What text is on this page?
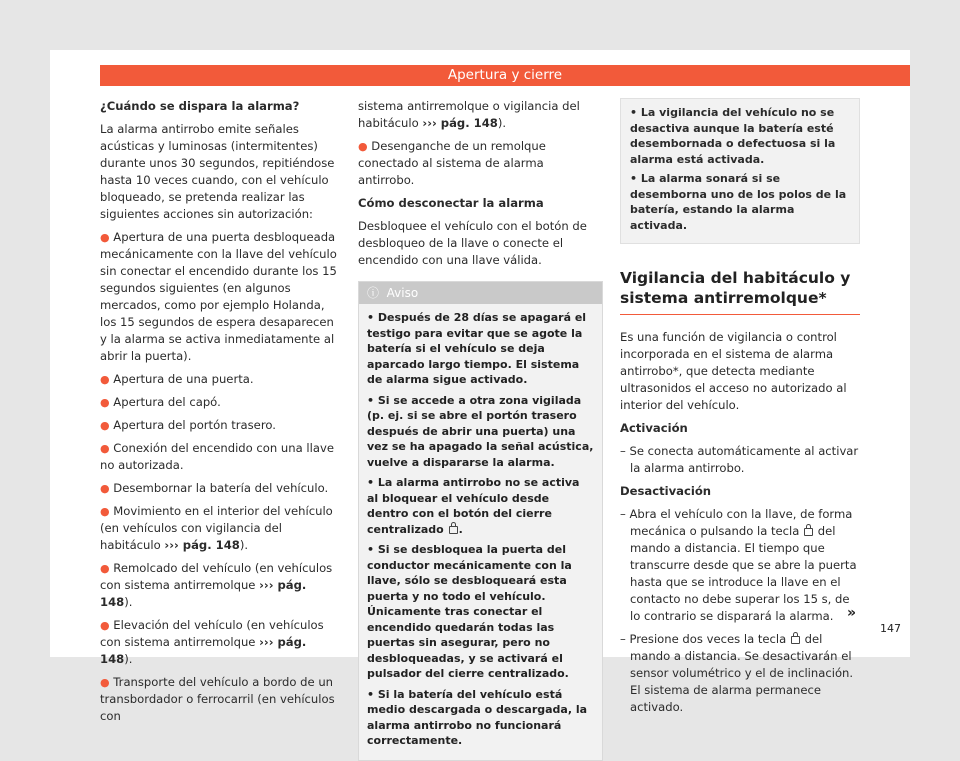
Apertura y cierre

¿Cuándo se dispara la alarma?

La alarma antirrobo emite señales acústicas y luminosas (intermitentes) durante unos 30 segundos, repitiéndose hasta 10 veces cuando, con el vehículo bloqueado, se pretenda realizar las siguientes acciones sin autorización:

● Apertura de una puerta desbloqueada mecánicamente con la llave del vehículo sin conectar el encendido durante los 15 segundos siguientes (en algunos mercados, como por ejemplo Holanda, los 15 segundos de espera desaparecen y la alarma se activa inmediatamente al abrir la puerta).

● Apertura de una puerta.

● Apertura del capó.

● Apertura del portón trasero.

● Conexión del encendido con una llave no autorizada.

● Desembornar la batería del vehículo.

● Movimiento en el interior del vehículo (en vehículos con vigilancia del habitáculo ››› pág. 148).

● Remolcado del vehículo (en vehículos con sistema antirremolque ››› pág. 148).

● Elevación del vehículo (en vehículos con sistema antirremolque ››› pág. 148).

● Transporte del vehículo a bordo de un transbordador o ferrocarril (en vehículos con

sistema antirremolque o vigilancia del habitáculo ››› pág. 148).

● Desenganche de un remolque conectado al sistema de alarma antirrobo.

Cómo desconectar la alarma

Desbloquee el vehículo con el botón de desbloqueo de la llave o conecte el encendido con una llave válida.

ⓘ Aviso

• Después de 28 días se apagará el testigo para evitar que se agote la batería si el vehículo se deja aparcado largo tiempo. El sistema de alarma sigue activado.

• Si se accede a otra zona vigilada (p. ej. si se abre el portón trasero después de abrir una puerta) una vez se ha apagado la señal acústica, vuelve a dispararse la alarma.

• La alarma antirrobo no se activa al bloquear el vehículo desde dentro con el botón del cierre centralizado .

• Si se desbloquea la puerta del conductor mecánicamente con la llave, sólo se desbloqueará esta puerta y no todo el vehículo. Únicamente tras conectar el encendido quedarán todas las puertas sin asegurar, pero no desbloqueadas, y se activará el pulsador del cierre centralizado.

• Si la batería del vehículo está medio descargada o descargada, la alarma antirrobo no funcionará correctamente.

• La vigilancia del vehículo no se desactiva aunque la batería esté desembornada o defectuosa si la alarma está activada.

• La alarma sonará si se desemborna uno de los polos de la batería, estando la alarma activada.

Vigilancia del habitáculo y sistema antirremolque*

Es una función de vigilancia o control incorporada en el sistema de alarma antirrobo*, que detecta mediante ultrasonidos el acceso no autorizado al interior del vehículo.

Activación

– Se conecta automáticamente al activar la alarma antirrobo.

Desactivación

– Abra el vehículo con la llave, de forma mecánica o pulsando la tecla del mando a distancia. El tiempo que transcurre desde que se abre la puerta hasta que se introduce la llave en el contacto no debe superar los 15 s, de lo contrario se disparará la alarma.

– Presione dos veces la tecla del mando a distancia. Se desactivarán el sensor volumétrico y el de inclinación. El sistema de alarma permanece activado.

»
147
